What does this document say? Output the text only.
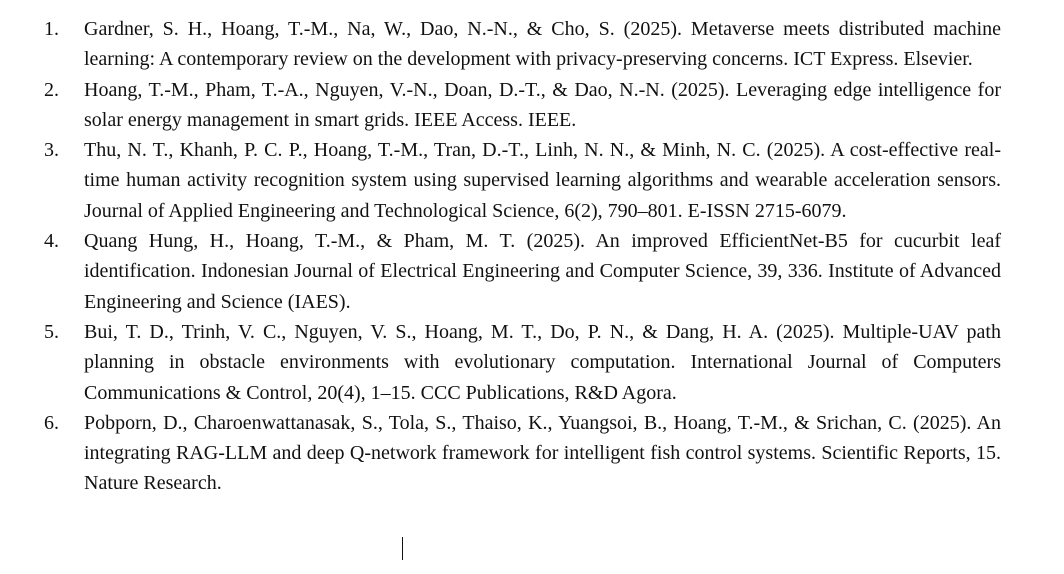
1.	Gardner, S. H., Hoang, T.-M., Na, W., Dao, N.-N., & Cho, S. (2025). Metaverse meets distributed machine learning: A contemporary review on the development with privacy-preserving concerns. ICT Express. Elsevier.
2.	Hoang, T.-M., Pham, T.-A., Nguyen, V.-N., Doan, D.-T., & Dao, N.-N. (2025). Leveraging edge intelligence for solar energy management in smart grids. IEEE Access. IEEE.
3.	Thu, N. T., Khanh, P. C. P., Hoang, T.-M., Tran, D.-T., Linh, N. N., & Minh, N. C. (2025). A cost-effective real-time human activity recognition system using supervised learning algorithms and wearable acceleration sensors. Journal of Applied Engineering and Technological Science, 6(2), 790–801. E-ISSN 2715-6079.
4.	Quang Hung, H., Hoang, T.-M., & Pham, M. T. (2025). An improved EfficientNet-B5 for cucurbit leaf identification. Indonesian Journal of Electrical Engineering and Computer Science, 39, 336. Institute of Advanced Engineering and Science (IAES).
5.	Bui, T. D., Trinh, V. C., Nguyen, V. S., Hoang, M. T., Do, P. N., & Dang, H. A. (2025). Multiple-UAV path planning in obstacle environments with evolutionary computation. International Journal of Computers Communications & Control, 20(4), 1–15. CCC Publications, R&D Agora.
6.	Pobporn, D., Charoenwattanasak, S., Tola, S., Thaiso, K., Yuangsoi, B., Hoang, T.-M., & Srichan, C. (2025). An integrating RAG-LLM and deep Q-network framework for intelligent fish control systems. Scientific Reports, 15. Nature Research.
